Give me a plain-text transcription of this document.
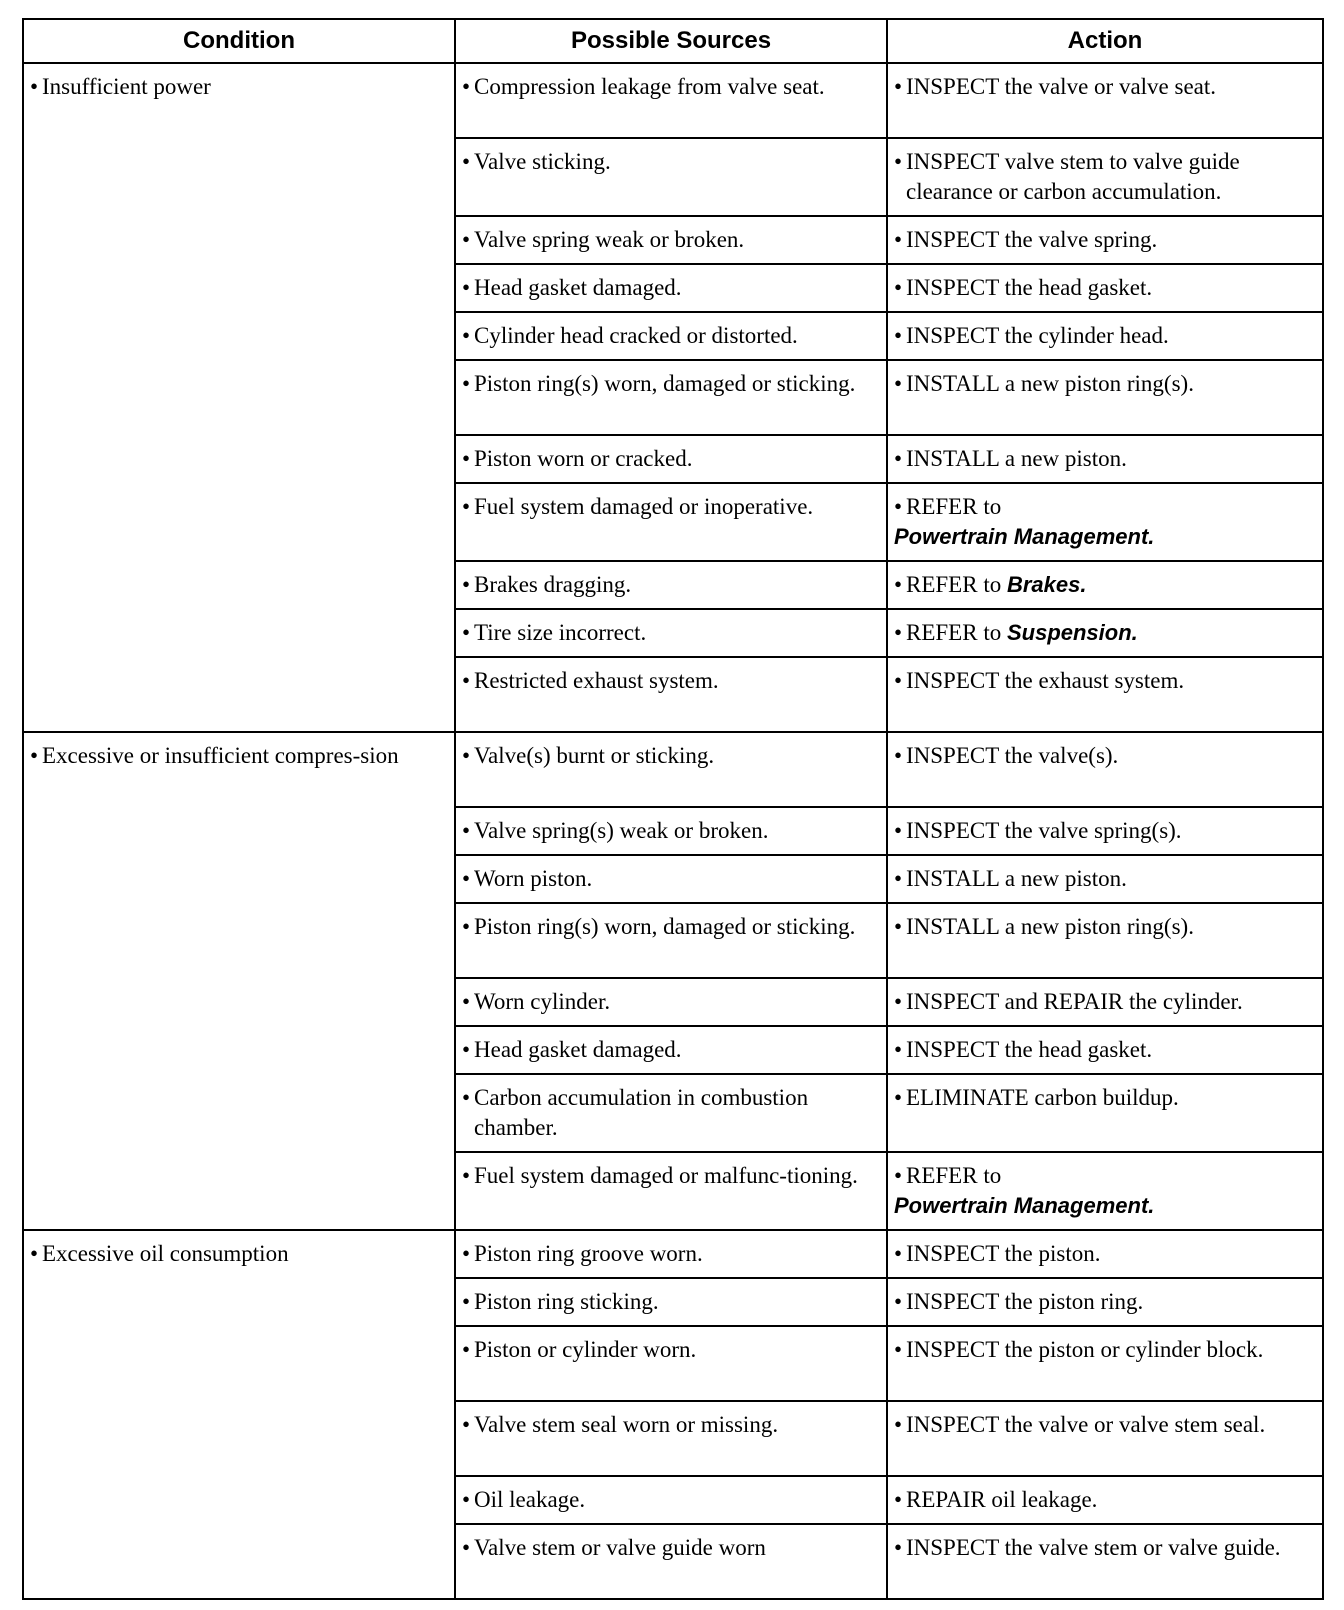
Condition	Possible Sources	Action

• Insufficient power	• Compression leakage from valve seat.	• INSPECT the valve or valve seat.

	• Valve sticking.	• INSPECT valve stem to valve guide clearance or carbon accumulation.

	• Valve spring weak or broken.	• INSPECT the valve spring.

	• Head gasket damaged.	• INSPECT the head gasket.

	• Cylinder head cracked or distorted.	• INSPECT the cylinder head.

	• Piston ring(s) worn, damaged or sticking.	• INSTALL a new piston ring(s).

	• Piston worn or cracked.	• INSTALL a new piston.

	• Fuel system damaged or inoperative.	• REFER to
Powertrain Management.

	• Brakes dragging.	• REFER to Brakes.

	• Tire size incorrect.	• REFER to Suspension.

	• Restricted exhaust system.	• INSPECT the exhaust system.

• Excessive or insufficient compres-sion	• Valve(s) burnt or sticking.	• INSPECT the valve(s).

	• Valve spring(s) weak or broken.	• INSPECT the valve spring(s).

	• Worn piston.	• INSTALL a new piston.

	• Piston ring(s) worn, damaged or sticking.	• INSTALL a new piston ring(s).

	• Worn cylinder.	• INSPECT and REPAIR the cylinder.

	• Head gasket damaged.	• INSPECT the head gasket.

	• Carbon accumulation in combustion chamber.	• ELIMINATE carbon buildup.

	• Fuel system damaged or malfunc-tioning.	• REFER to
Powertrain Management.

• Excessive oil consumption	• Piston ring groove worn.	• INSPECT the piston.

	• Piston ring sticking.	• INSPECT the piston ring.

	• Piston or cylinder worn.	• INSPECT the piston or cylinder block.

	• Valve stem seal worn or missing.	• INSPECT the valve or valve stem seal.

	• Oil leakage.	• REPAIR oil leakage.

	• Valve stem or valve guide worn	• INSPECT the valve stem or valve guide.
